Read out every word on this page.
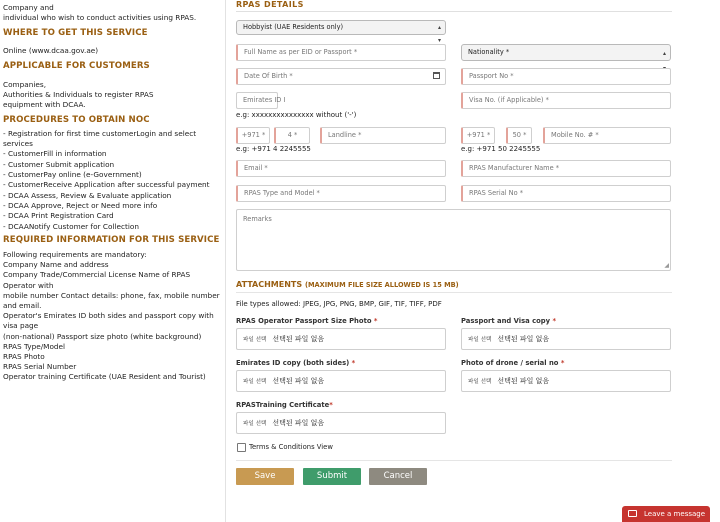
Company and
individual who wish to conduct activities using RPAS.
WHERE TO GET THIS SERVICE
Online (www.dcaa.gov.ae)
APPLICABLE FOR CUSTOMERS
Companies,
Authorities & Individuals to register RPAS
equipment with DCAA.
PROCEDURES TO OBTAIN NOC
- Registration for first time customerLogin and select services
- CustomerFill in information
- Customer Submit application
- CustomerPay online (e-Government)
- CustomerReceive Application after successful payment
- DCAA Assess, Review & Evaluate application
- DCAA Approve, Reject or Need more info
- DCAA Print Registration Card
- DCAANotify Customer for Collection
REQUIRED INFORMATION FOR THIS SERVICE
Following requirements are mandatory:
Company Name and address
Company Trade/Commercial License Name of RPAS Operator with
mobile number Contact details: phone, fax, mobile number and email.
Operator's Emirates ID both sides and passport copy with visa page
(non-national) Passport size photo (white background)
RPAS Type/Model
RPAS Photo
RPAS Serial Number
Operator training Certificate (UAE Resident and Tourist)
RPAS DETAILS
Hobbyist (UAE Residents only)	▴
▾
Full Name as per EID or Passport *	Nationality *	▴

Date Of Birth *	Passport No *
Emirates ID I	Visa No. (if Applicable) *
e.g: xxxxxxxxxxxxxxx without ('-')
+971 *	4 *	Landline *
e.g: +971 4 2245555
+971 *	50 *	Mobile No. # *
e.g: +971 50 2245555
Email *	RPAS Manufacturer Name *
RPAS Type and Model *	RPAS Serial No *
Remarks
◢
ATTACHMENTS (MAXIMUM FILE SIZE ALLOWED IS 15 MB)
File types allowed: JPEG, JPG, PNG, BMP, GIF, TIF, TIFF, PDF
RPAS Operator Passport Size Photo *
파일 선택 선택된 파일 없음
Passport and Visa copy *
파일 선택 선택된 파일 없음
Emirates ID copy (both sides) *
파일 선택 선택된 파일 없음
Photo of drone / serial no *
파일 선택 선택된 파일 없음
RPASTraining Certificate*
파일 선택 선택된 파일 없음
Terms & Conditions View
Save	Submit	Cancel
Leave a message
